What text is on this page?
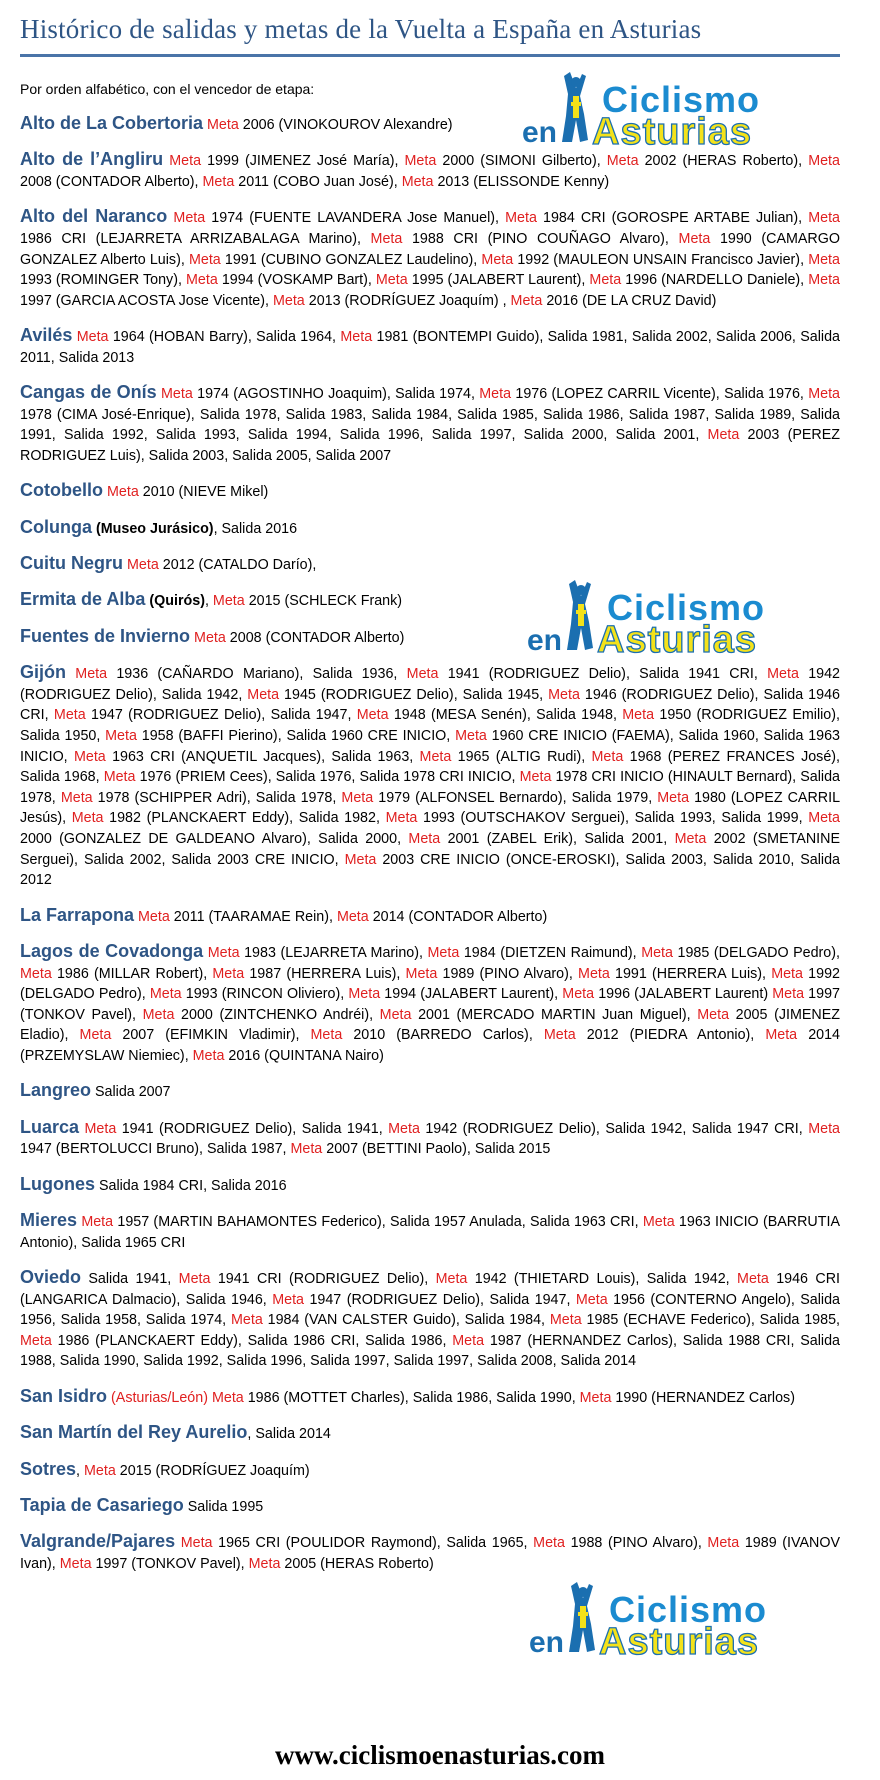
Histórico de salidas y metas de la Vuelta a España en Asturias
Por orden alfabético, con el vencedor de etapa:

Alto de La Cobertoria Meta 2006 (VINOKOUROV Alexandre)

Alto de l’Angliru Meta 1999 (JIMENEZ José María), Meta 2000 (SIMONI Gilberto), Meta 2002 (HERAS Roberto), Meta 2008 (CONTADOR Alberto), Meta 2011 (COBO Juan José), Meta 2013 (ELISSONDE Kenny)

Alto del Naranco Meta 1974 (FUENTE LAVANDERA Jose Manuel), Meta 1984 CRI (GOROSPE ARTABE Julian), Meta 1986 CRI (LEJARRETA ARRIZABALAGA Marino), Meta 1988 CRI (PINO COUÑAGO Alvaro), Meta 1990 (CAMARGO GONZALEZ Alberto Luis), Meta 1991 (CUBINO GONZALEZ Laudelino), Meta 1992 (MAULEON UNSAIN Francisco Javier), Meta 1993 (ROMINGER Tony), Meta 1994 (VOSKAMP Bart), Meta 1995 (JALABERT Laurent), Meta 1996 (NARDELLO Daniele), Meta 1997 (GARCIA ACOSTA Jose Vicente), Meta 2013 (RODRÍGUEZ Joaquím) , Meta 2016 (DE LA CRUZ David)

Avilés Meta 1964 (HOBAN Barry), Salida 1964, Meta 1981 (BONTEMPI Guido), Salida 1981, Salida 2002, Salida 2006, Salida 2011, Salida 2013

Cangas de Onís Meta 1974 (AGOSTINHO Joaquim), Salida 1974, Meta 1976 (LOPEZ CARRIL Vicente), Salida 1976, Meta 1978 (CIMA José-Enrique), Salida 1978, Salida 1983, Salida 1984, Salida 1985, Salida 1986, Salida 1987, Salida 1989, Salida 1991, Salida 1992, Salida 1993, Salida 1994, Salida 1996, Salida 1997, Salida 2000, Salida 2001, Meta 2003 (PEREZ RODRIGUEZ Luis), Salida 2003, Salida 2005, Salida 2007

Cotobello Meta 2010 (NIEVE Mikel)

Colunga (Museo Jurásico), Salida 2016

Cuitu Negru Meta 2012 (CATALDO Darío),

Ermita de Alba (Quirós), Meta 2015 (SCHLECK Frank)

Fuentes de Invierno Meta 2008 (CONTADOR Alberto)

Gijón Meta 1936 (CAÑARDO Mariano), Salida 1936, Meta 1941 (RODRIGUEZ Delio), Salida 1941 CRI, Meta 1942 (RODRIGUEZ Delio), Salida 1942, Meta 1945 (RODRIGUEZ Delio), Salida 1945, Meta 1946 (RODRIGUEZ Delio), Salida 1946 CRI, Meta 1947 (RODRIGUEZ Delio), Salida 1947, Meta 1948 (MESA Senén), Salida 1948, Meta 1950 (RODRIGUEZ Emilio), Salida 1950, Meta 1958 (BAFFI Pierino), Salida 1960 CRE INICIO, Meta 1960 CRE INICIO (FAEMA), Salida 1960, Salida 1963 INICIO, Meta 1963 CRI (ANQUETIL Jacques), Salida 1963, Meta 1965 (ALTIG Rudi), Meta 1968 (PEREZ FRANCES José), Salida 1968, Meta 1976 (PRIEM Cees), Salida 1976, Salida 1978 CRI INICIO, Meta 1978 CRI INICIO (HINAULT Bernard), Salida 1978, Meta 1978 (SCHIPPER Adri), Salida 1978, Meta 1979 (ALFONSEL Bernardo), Salida 1979, Meta 1980 (LOPEZ CARRIL Jesús), Meta 1982 (PLANCKAERT Eddy), Salida 1982, Meta 1993 (OUTSCHAKOV Serguei), Salida 1993, Salida 1999, Meta 2000 (GONZALEZ DE GALDEANO Alvaro), Salida 2000, Meta 2001 (ZABEL Erik), Salida 2001, Meta 2002 (SMETANINE Serguei), Salida 2002, Salida 2003 CRE INICIO, Meta 2003 CRE INICIO (ONCE-EROSKI), Salida 2003, Salida 2010, Salida 2012

La Farrapona Meta 2011 (TAARAMAE Rein), Meta 2014 (CONTADOR Alberto)

Lagos de Covadonga Meta 1983 (LEJARRETA Marino), Meta 1984 (DIETZEN Raimund), Meta 1985 (DELGADO Pedro), Meta 1986 (MILLAR Robert), Meta 1987 (HERRERA Luis), Meta 1989 (PINO Alvaro), Meta 1991 (HERRERA Luis), Meta 1992 (DELGADO Pedro), Meta 1993 (RINCON Oliviero), Meta 1994 (JALABERT Laurent), Meta 1996 (JALABERT Laurent) Meta 1997 (TONKOV Pavel), Meta 2000 (ZINTCHENKO Andréi), Meta 2001 (MERCADO MARTIN Juan Miguel), Meta 2005 (JIMENEZ Eladio), Meta 2007 (EFIMKIN Vladimir), Meta 2010 (BARREDO Carlos), Meta 2012 (PIEDRA Antonio), Meta 2014 (PRZEMYSLAW Niemiec), Meta 2016 (QUINTANA Nairo)

Langreo Salida 2007

Luarca Meta 1941 (RODRIGUEZ Delio), Salida 1941, Meta 1942 (RODRIGUEZ Delio), Salida 1942, Salida 1947 CRI, Meta 1947 (BERTOLUCCI Bruno), Salida 1987, Meta 2007 (BETTINI Paolo), Salida 2015

Lugones Salida 1984 CRI, Salida 2016

Mieres Meta 1957 (MARTIN BAHAMONTES Federico), Salida 1957 Anulada, Salida 1963 CRI, Meta 1963 INICIO (BARRUTIA Antonio), Salida 1965 CRI

Oviedo Salida 1941, Meta 1941 CRI (RODRIGUEZ Delio), Meta 1942 (THIETARD Louis), Salida 1942, Meta 1946 CRI (LANGARICA Dalmacio), Salida 1946, Meta 1947 (RODRIGUEZ Delio), Salida 1947, Meta 1956 (CONTERNO Angelo), Salida 1956, Salida 1958, Salida 1974, Meta 1984 (VAN CALSTER Guido), Salida 1984, Meta 1985 (ECHAVE Federico), Salida 1985, Meta 1986 (PLANCKAERT Eddy), Salida 1986 CRI, Salida 1986, Meta 1987 (HERNANDEZ Carlos), Salida 1988 CRI, Salida 1988, Salida 1990, Salida 1992, Salida 1996, Salida 1997, Salida 1997, Salida 2008, Salida 2014

San Isidro (Asturias/León) Meta 1986 (MOTTET Charles), Salida 1986, Salida 1990, Meta 1990 (HERNANDEZ Carlos)

San Martín del Rey Aurelio, Salida 2014

Sotres, Meta 2015 (RODRÍGUEZ Joaquím)

Tapia de Casariego Salida 1995

Valgrande/Pajares Meta 1965 CRI (POULIDOR Raymond), Salida 1965, Meta 1988 (PINO Alvaro), Meta 1989 (IVANOV Ivan), Meta 1997 (TONKOV Pavel), Meta 2005 (HERAS Roberto)

Ciclismo
en Asturias
Ciclismo
en Asturias
Ciclismo
en Asturias
www.ciclismoenasturias.com
